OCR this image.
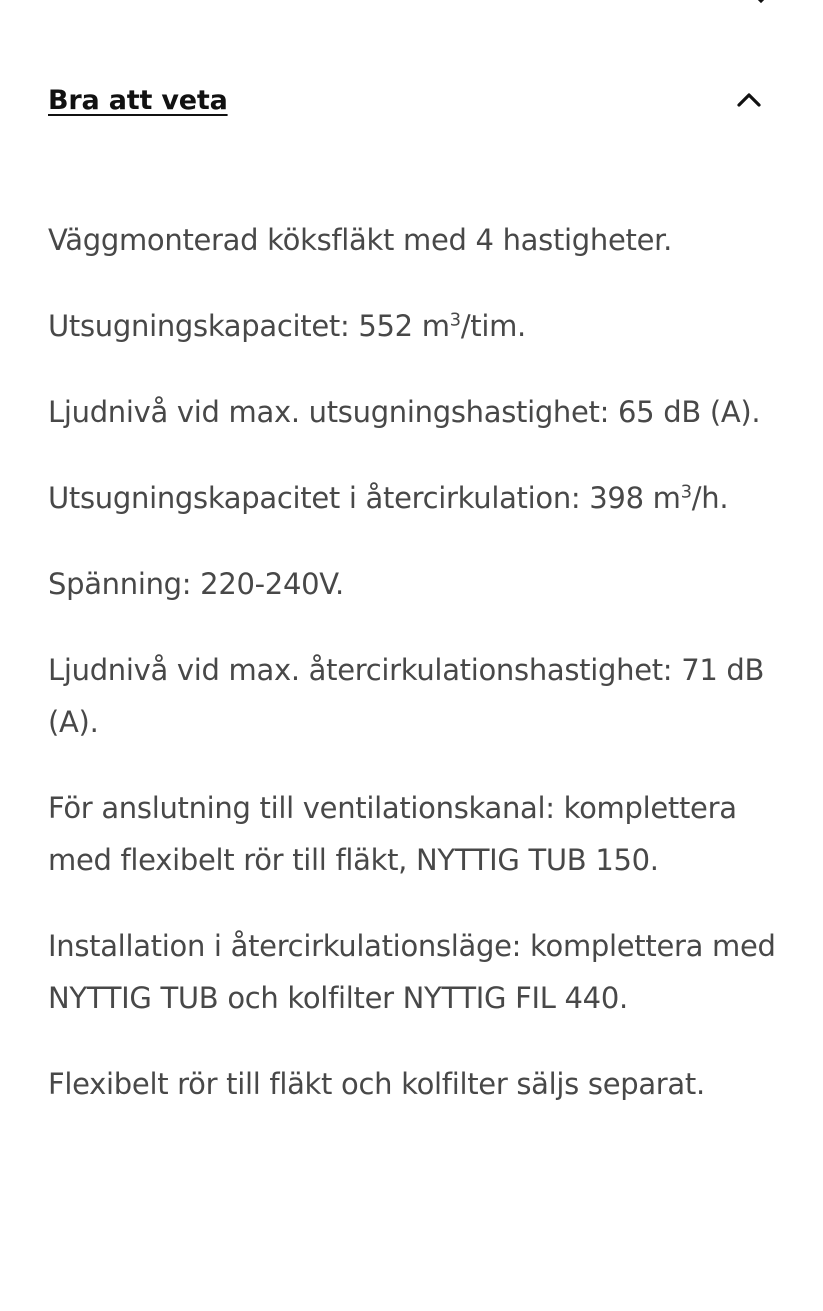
Bra att veta

Väggmonterad köksfläkt med 4 hastigheter.

Utsugningskapacitet: 552 $m^3$/tim.

Ljudnivå vid max. utsugningshastighet: 65 dB (A).

Utsugningskapacitet i återcirkulation: 398 $m^3/h$.

Spänning: 220-240V.

Ljudnivå vid max. återcirkulationshastighet: 71 dB (A).

För anslutning till ventilationskanal: komplettera med flexibelt rör till fläkt, NYTTIG TUB 150.

Installation i återcirkulationsläge: komplettera med NYTTIG TUB och kolfilter NYTTIG FIL 440.

Flexibelt rör till fläkt och kolfilter säljs separat.
